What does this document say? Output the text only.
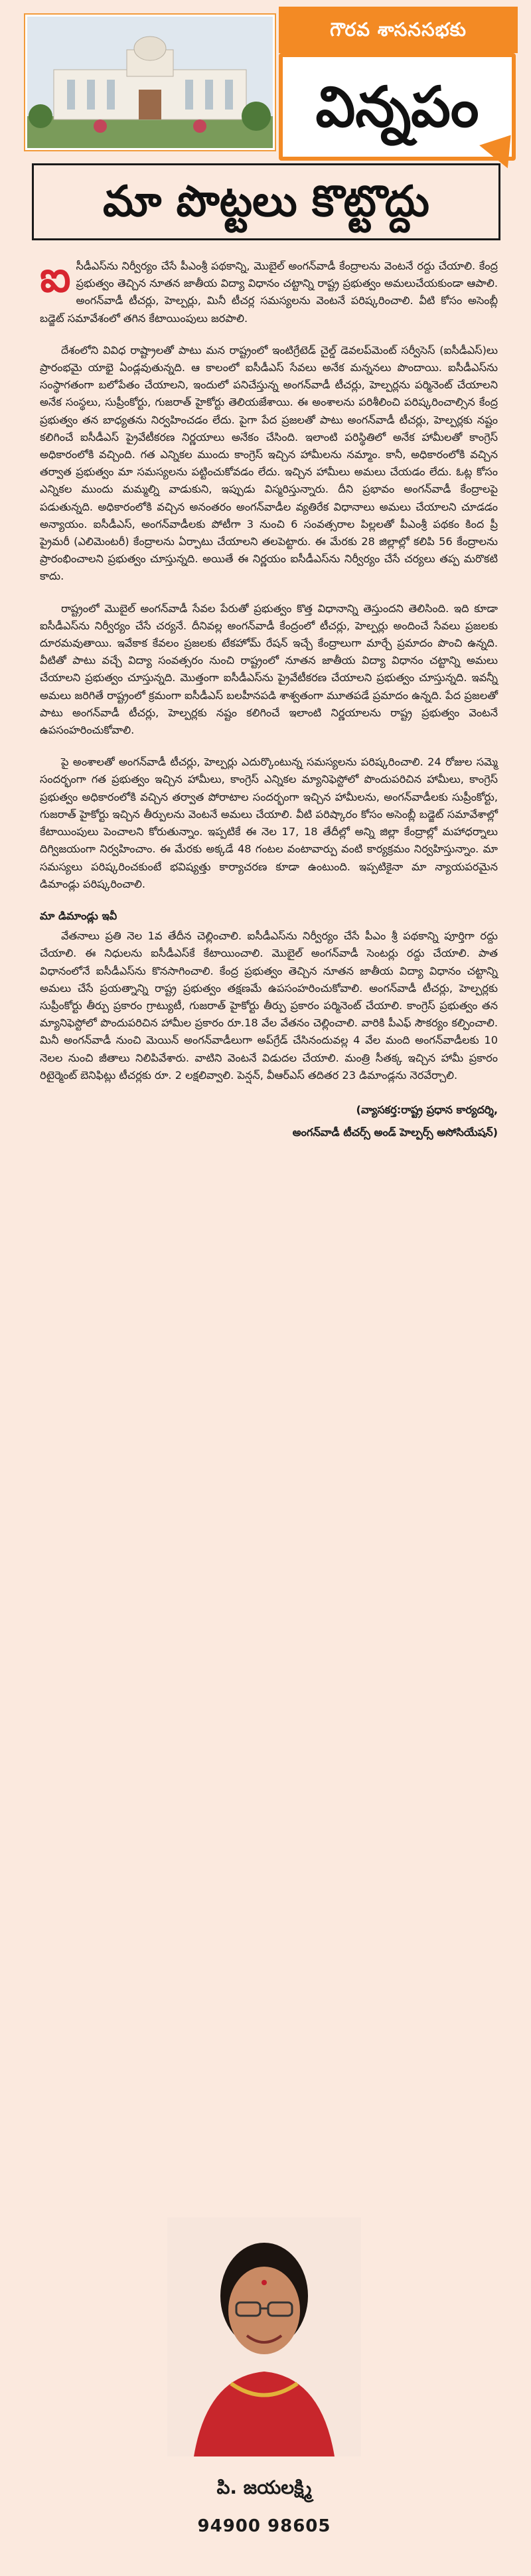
గౌరవ శాసనసభకు
విన్నపం
మా పొట్టలు కొట్టొద్దు

ఐసీడీఎస్‌ను నిర్వీర్యం చేసే పీఎంశ్రీ పథకాన్ని, మొబైల్ అంగన్‌వాడీ కేంద్రాలను వెంటనే రద్దు చేయాలి. కేంద్ర ప్రభుత్వం తెచ్చిన నూతన జాతీయ విద్యా విధానం చట్టాన్ని రాష్ట్ర ప్రభుత్వం అమలుచేయకుండా ఆపాలి. అంగన్‌వాడీ టీచర్లు, హెల్పర్లు, మినీ టీచర్ల సమస్యలను వెంటనే పరిష్కరించాలి. వీటి కోసం అసెంబ్లీ బడ్జెట్ సమావేశంలో తగిన కేటాయింపులు జరపాలి.

దేశంలోని వివిధ రాష్ట్రాలతో పాటు మన రాష్ట్రంలో ఇంటిగ్రేటెడ్ చైల్డ్ డెవలప్‌మెంట్ సర్వీసెస్ (ఐసీడీఎస్)లు ప్రారంభమై యాభై ఏండ్లవుతున్నది. ఆ కాలంలో ఐసీడీఎస్ సేవలు అనేక మన్ననలు పొందాయి. ఐసీడీఎస్‌ను సంస్థాగతంగా బలోపేతం చేయాలని, ఇందులో పనిచేస్తున్న అంగన్‌వాడీ టీచర్లు, హెల్పర్లను పర్మినెంట్ చేయాలని అనేక సంస్థలు, సుప్రీంకోర్టు, గుజరాత్ హైకోర్టు తెలియజేశాయి. ఈ అంశాలను పరిశీలించి పరిష్కరించాల్సిన కేంద్ర ప్రభుత్వం తన బాధ్యతను నిర్వహించడం లేదు. పైగా పేద ప్రజలతో పాటు అంగన్‌వాడీ టీచర్లు, హెల్పర్లకు నష్టం కలిగించే ఐసీడీఎస్ ప్రైవేటీకరణ నిర్ణయాలు అనేకం చేసింది. ఇలాంటి పరిస్థితిలో అనేక హామీలతో కాంగ్రెస్ అధికారంలోకి వచ్చింది. గత ఎన్నికల ముందు కాంగ్రెస్ ఇచ్చిన హామీలను నమ్మాం. కానీ, అధికారంలోకి వచ్చిన తర్వాత ప్రభుత్వం మా సమస్యలను పట్టించుకోవడం లేదు. ఇచ్చిన హామీలు అమలు చేయడం లేదు. ఓట్ల కోసం ఎన్నికల ముందు మమ్మల్ని వాడుకుని, ఇప్పుడు విస్మరిస్తున్నారు. దీని ప్రభావం అంగన్‌వాడీ కేంద్రాలపై పడుతున్నది. అధికారంలోకి వచ్చిన అనంతరం అంగన్‌వాడీల వ్యతిరేక విధానాలు అమలు చేయాలని చూడడం అన్యాయం. ఐసీడీఎస్, అంగన్‌వాడీలకు పోటీగా 3 నుంచి 6 సంవత్సరాల పిల్లలతో పీఎంశ్రీ పథకం కింద ప్రీ ప్రైమరీ (ఎలిమెంటరీ) కేంద్రాలను ఏర్పాటు చేయాలని తలపెట్టారు. ఈ మేరకు 28 జిల్లాల్లో కలిపి 56 కేంద్రాలను ప్రారంభించాలని ప్రభుత్వం చూస్తున్నది. అయితే ఈ నిర్ణయం ఐసీడీఎస్‌ను నిర్వీర్యం చేసే చర్యలు తప్ప మరొకటి కాదు.

రాష్ట్రంలో మొబైల్ అంగన్‌వాడీ సేవల పేరుతో ప్రభుత్వం కొత్త విధానాన్ని తెస్తుందని తెలిసింది. ఇది కూడా ఐసీడీఎస్‌ను నిర్వీర్యం చేసే చర్యనే. దీనివల్ల అంగన్‌వాడీ కేంద్రంలో టీచర్లు, హెల్పర్లు అందించే సేవలు ప్రజలకు దూరమవుతాయి. ఇవేకాక కేవలం ప్రజలకు టేకహోమ్ రేషన్ ఇచ్చే కేంద్రాలుగా మార్చే ప్రమాదం పొంచి ఉన్నది. వీటితో పాటు వచ్చే విద్యా సంవత్సరం నుంచి రాష్ట్రంలో నూతన జాతీయ విద్యా విధానం చట్టాన్ని అమలు చేయాలని ప్రభుత్వం చూస్తున్నది. మొత్తంగా ఐసీడీఎస్‌ను ప్రైవేటీకరణ చేయాలని ప్రభుత్వం చూస్తున్నది. ఇవన్నీ అమలు జరిగితే రాష్ట్రంలో క్రమంగా ఐసీడీఎస్ బలహీనపడి శాశ్వతంగా మూతపడే ప్రమాదం ఉన్నది. పేద ప్రజలతో పాటు అంగన్‌వాడీ టీచర్లు, హెల్పర్లకు నష్టం కలిగించే ఇలాంటి నిర్ణయాలను రాష్ట్ర ప్రభుత్వం వెంటనే ఉపసంహరించుకోవాలి.

పై అంశాలతో అంగన్‌వాడీ టీచర్లు, హెల్పర్లు ఎదుర్కొంటున్న సమస్యలను పరిష్కరించాలి. 24 రోజుల సమ్మె సందర్భంగా గత ప్రభుత్వం ఇచ్చిన హామీలు, కాంగ్రెస్ ఎన్నికల మ్యానిఫెస్టోలో పొందుపరిచిన హామీలు, కాంగ్రెస్ ప్రభుత్వం అధికారంలోకి వచ్చిన తర్వాత పోరాటాల సందర్భంగా ఇచ్చిన హామీలను, అంగన్‌వాడీలకు సుప్రీంకోర్టు, గుజరాత్ హైకోర్టు ఇచ్చిన తీర్పులను వెంటనే అమలు చేయాలి. వీటి పరిష్కారం కోసం అసెంబ్లీ బడ్జెట్ సమావేశాల్లో కేటాయింపులు పెంచాలని కోరుతున్నాం. ఇప్పటికే ఈ నెల 17, 18 తేదీల్లో అన్ని జిల్లా కేంద్రాల్లో మహాధర్నాలు దిగ్విజయంగా నిర్వహించాం. ఈ మేరకు అక్కడే 48 గంటల వంటావార్పు వంటి కార్యక్రమం నిర్వహిస్తున్నాం. మా సమస్యలు పరిష్కరించకుంటే భవిష్యత్తు కార్యాచరణ కూడా ఉంటుంది. ఇప్పటికైనా మా న్యాయపరమైన డిమాండ్లు పరిష్కరించాలి.

మా డిమాండ్లు ఇవీ

వేతనాలు ప్రతి నెల 1వ తేదీన చెల్లించాలి. ఐసీడీఎస్‌ను నిర్వీర్యం చేసే పీఎం శ్రీ పథకాన్ని పూర్తిగా రద్దు చేయాలి. ఈ నిధులను ఐసీడీఎస్‌కే కేటాయించాలి. మొబైల్ అంగన్‌వాడీ సెంటర్లు రద్దు చేయాలి. పాత విధానంలోనే ఐసీడీఎస్‌ను కొనసాగించాలి. కేంద్ర ప్రభుత్వం తెచ్చిన నూతన జాతీయ విద్యా విధానం చట్టాన్ని అమలు చేసే ప్రయత్నాన్ని రాష్ట్ర ప్రభుత్వం తక్షణమే ఉపసంహరించుకోవాలి. అంగన్‌వాడీ టీచర్లు, హెల్పర్లకు సుప్రీంకోర్టు తీర్పు ప్రకారం గ్రాట్యుటీ, గుజరాత్ హైకోర్టు తీర్పు ప్రకారం పర్మినెంట్ చేయాలి. కాంగ్రెస్ ప్రభుత్వం తన మ్యానిఫెస్టోలో పొందుపరిచిన హామీల ప్రకారం రూ.18 వేల వేతనం చెల్లించాలి. వారికి పీఎఫ్ సౌకర్యం కల్పించాలి. మినీ అంగన్‌వాడీ నుంచి మెయిన్ అంగన్‌వాడీలుగా అప్‌గ్రేడ్ చేసినందువల్ల 4 వేల మంది అంగన్‌వాడీలకు 10 నెలల నుంచి జీతాలు నిలిపివేశారు. వాటిని వెంటనే విడుదల చేయాలి. మంత్రి సీతక్క ఇచ్చిన హామీ ప్రకారం రిటైర్మెంట్ బెనిఫిట్లు టీచర్లకు రూ. 2 లక్షలివ్వాలి. పెన్షన్, వీఆర్ఎస్ తదితర 23 డిమాండ్లను నెరవేర్చాలి.

(వ్యాసకర్త:రాష్ట్ర ప్రధాన కార్యదర్శి,
అంగన్‌వాడీ టీచర్స్ అండ్ హెల్పర్స్ అసోసియేషన్)

పి. జయలక్ష్మి
94900 98605
